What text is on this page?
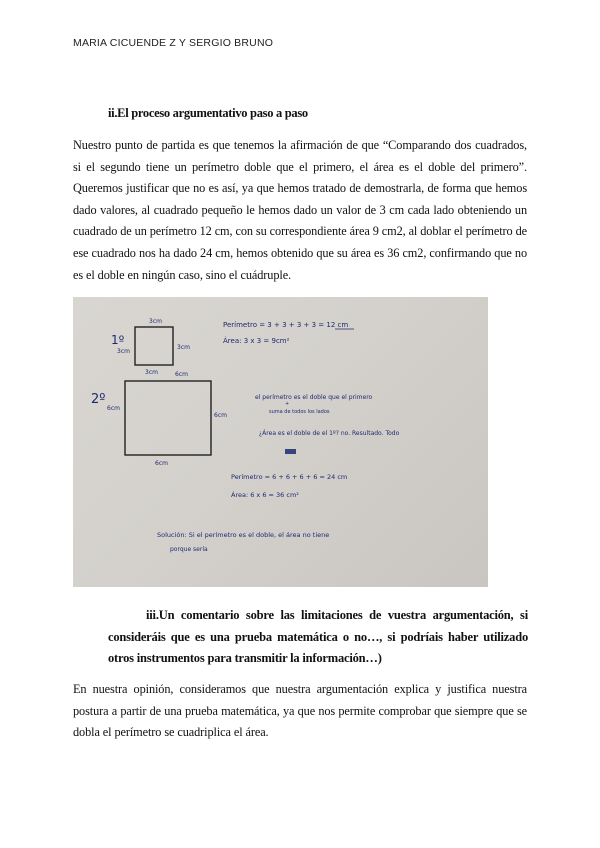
MARIA CICUENDE Z Y SERGIO BRUNO
ii.El proceso argumentativo paso a paso
Nuestro punto de partida es que tenemos la afirmación de que “Comparando dos cuadrados, si el segundo tiene un perímetro doble que el primero, el área es el doble del primero”. Queremos justificar que no es así, ya que hemos tratado de demostrarla, de forma que hemos dado valores, al cuadrado pequeño le hemos dado un valor de 3 cm cada lado obteniendo un cuadrado de un perímetro 12 cm, con su correspondiente área 9 cm2, al doblar el perímetro de ese cuadrado nos ha dado 24 cm, hemos obtenido que su área es 36 cm2, confirmando que no es el doble en ningún caso, sino el cuádruple.
1º
3cm
3cm
3cm
3cm
2º
6cm
6cm
6cm
6cm
Perímetro = 3 + 3 + 3 + 3 = 12 cm
Área: 3 x 3 = 9cm²
el perímetro es el doble que el primero
+
suma de todos los lados
¿Área es el doble de el 1º? no. Resultado. Todo
Perímetro = 6 + 6 + 6 + 6 = 24 cm
Área: 6 x 6 = 36 cm²
Solución: Si el perímetro es el doble, el área no tiene
porque sería
iii.Un comentario sobre las limitaciones de vuestra argumentación, si consideráis que es una prueba matemática o no…, si podríais haber utilizado otros instrumentos para transmitir la información…)
En nuestra opinión, consideramos que nuestra argumentación explica y justifica nuestra postura a partir de una prueba matemática, ya que nos permite comprobar que siempre que se dobla el perímetro se cuadriplica el área.
